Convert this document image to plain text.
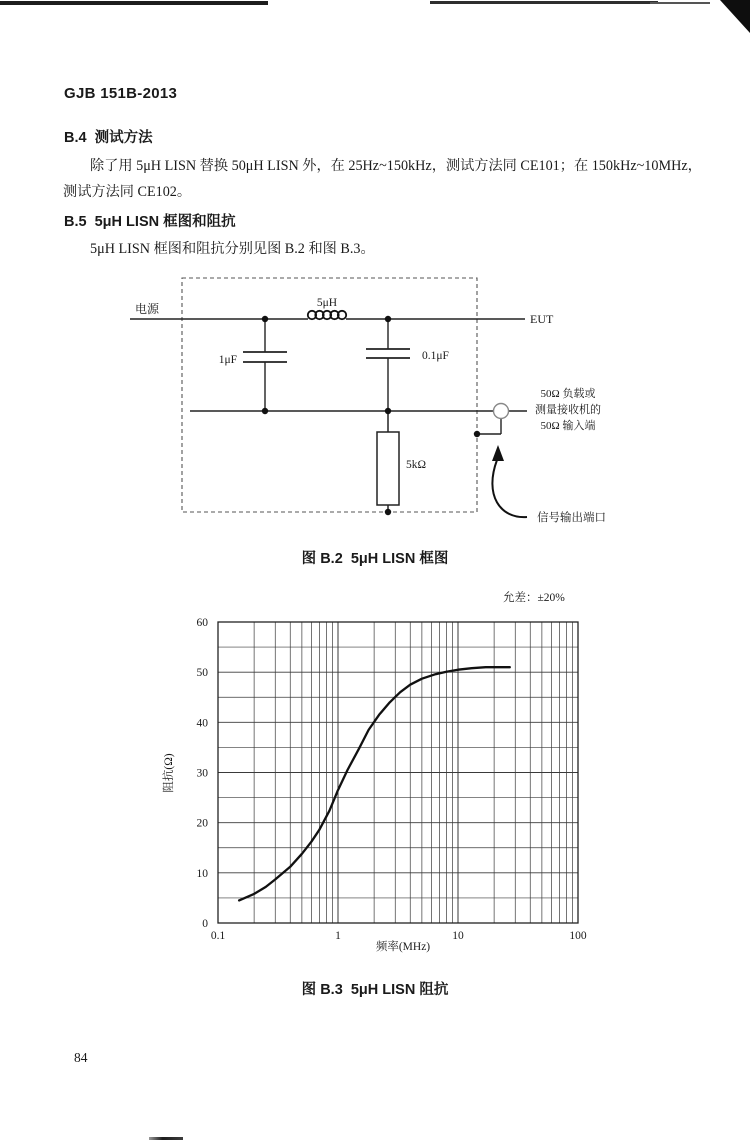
GJB 151B-2013
B.4  测试方法
除了用 5μH LISN 替换 50μH LISN 外，在 25Hz~150kHz，测试方法同 CE101；在 150kHz~10MHz，
测试方法同 CE102。
B.5  5μH LISN 框图和阻抗
5μH LISN 框图和阻抗分别见图 B.2 和图 B.3。
5μH
1μF	0.1μF
5kΩ
电源
EUT
50Ω 负载或
测量接收机的
50Ω 输入端
信号输出端口
图 B.2  5μH LISN 框图
允差：±20%
0
10
20
30
40
50
60
0.1	1	10	100
阻抗(Ω)
频率(MHz)
图 B.3  5μH LISN 阻抗
84
